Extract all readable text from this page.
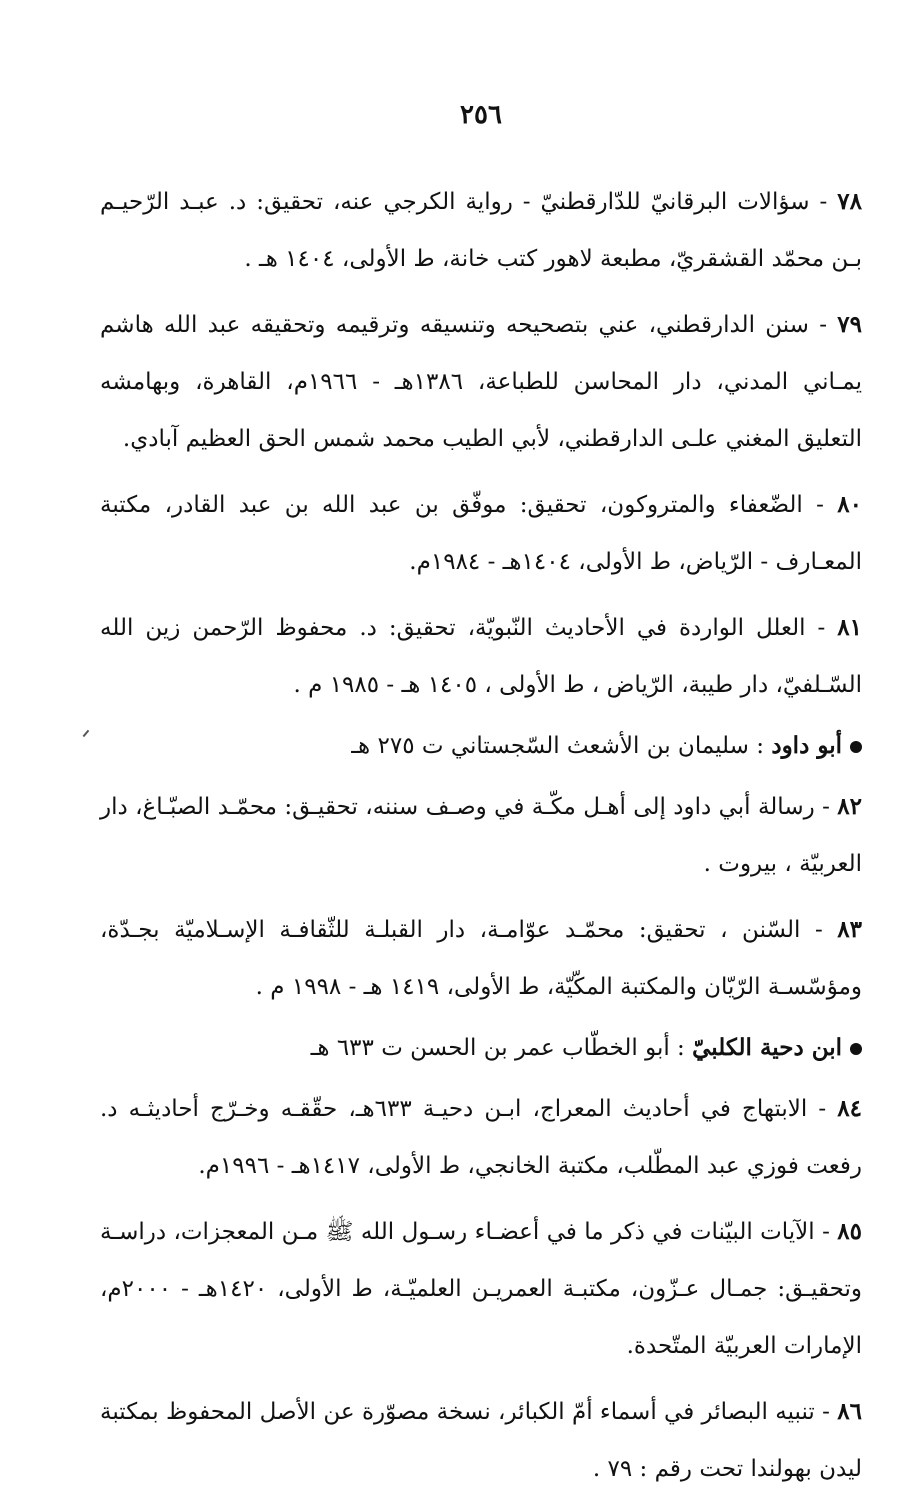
٢٥٦

٧٨ - سؤالات البرقانيّ للدّارقطنيّ - رواية الكرجي عنه، تحقيق: د. عبـد الرّحيـم بـن محمّد القشقريّ، مطبعة لاهور كتب خانة، ط الأولى، ١٤٠٤ هـ .

٧٩ - سنن الدارقطني، عني بتصحيحه وتنسيقه وترقيمه وتحقيقه عبد الله هاشم يمـاني المدني، دار المحاسن للطباعة، ١٣٨٦هـ - ١٩٦٦م، القاهرة، وبهامشه التعليق المغني علـى الدارقطني، لأبي الطيب محمد شمس الحق العظيم آبادي.

٨٠ - الضّعفاء والمتروكون، تحقيق: موفّق بن عبد الله بن عبد القادر، مكتبة المعـارف - الرّياض، ط الأولى، ١٤٠٤هـ - ١٩٨٤م.

٨١ - العلل الواردة في الأحاديث النّبويّة، تحقيق: د. محفوظ الرّحمن زين الله السّـلفيّ، دار طيبة، الرّياض ، ط الأولى ، ١٤٠٥ هـ - ١٩٨٥ م .

أبو داود : سليمان بن الأشعث السّجستاني ت ٢٧٥ هـ

٨٢ - رسالة أبي داود إلى أهـل مكّـة في وصـف سننه، تحقيـق: محمّـد الصبّـاغ، دار العربيّة ، بيروت .

٨٣ - السّنن ، تحقيق: محمّـد عوّامـة، دار القبلـة للثّقافـة الإسـلاميّة بجـدّة، ومؤسّسـة الرّيّان والمكتبة المكّيّة، ط الأولى، ١٤١٩ هـ - ١٩٩٨ م .

ابن دحية الكلبيّ : أبو الخطّاب عمر بن الحسن ت ٦٣٣ هـ

٨٤ - الابتهاج في أحاديث المعراج، ابـن دحيـة ٦٣٣هـ، حقّقـه وخـرّج أحاديثـه د. رفعت فوزي عبد المطّلب، مكتبة الخانجي، ط الأولى، ١٤١٧هـ - ١٩٩٦م.

٨٥ - الآيات البيّنات في ذكر ما في أعضـاء رسـول الله ﷺ مـن المعجزات، دراسـة وتحقيـق: جمـال عـزّون، مكتبـة العمريـن العلميّـة، ط الأولى، ١٤٢٠هـ - ٢٠٠٠م، الإمارات العربيّة المتّحدة.

٨٦ - تنبيه البصائر في أسماء أمّ الكبائر، نسخة مصوّرة عن الأصل المحفوظ بمكتبة ليدن بهولندا تحت رقم : ٧٩ .
